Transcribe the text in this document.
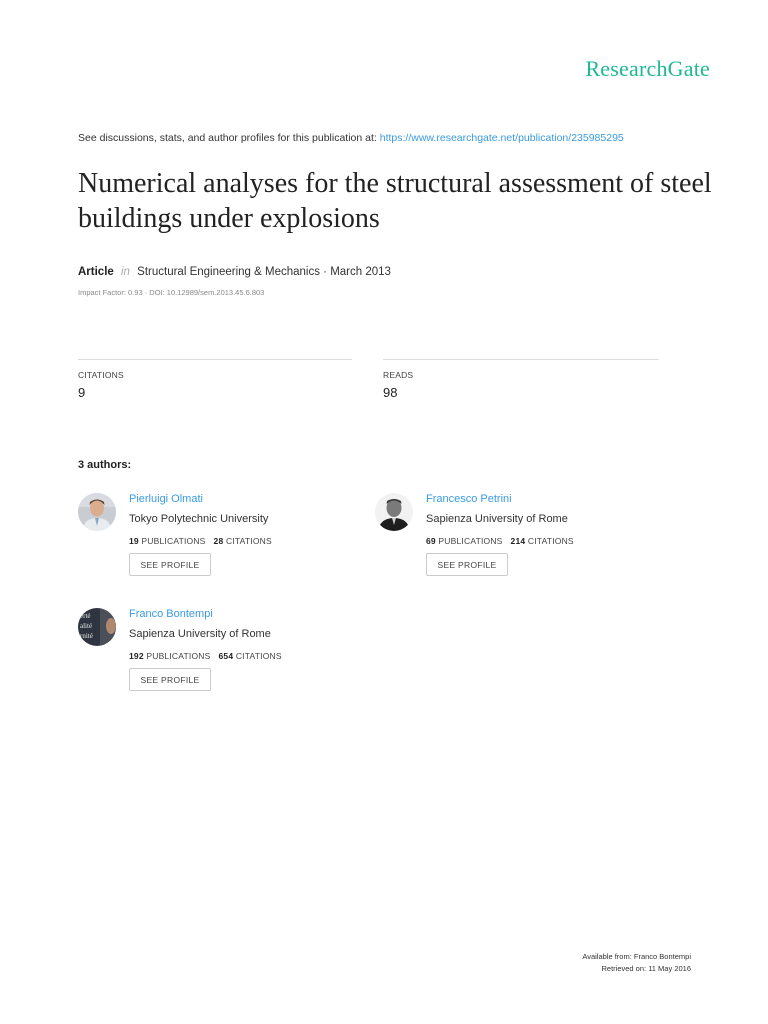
ResearchGate
See discussions, stats, and author profiles for this publication at: https://www.researchgate.net/publication/235985295
Numerical analyses for the structural assessment of steel buildings under explosions
Article in Structural Engineering & Mechanics · March 2013
Impact Factor: 0.93 · DOI: 10.12989/sem.2013.45.6.803
CITATIONS
9
READS
98
3 authors:
Pierluigi Olmati
Tokyo Polytechnic University
19 PUBLICATIONS 28 CITATIONS
SEE PROFILE
Francesco Petrini
Sapienza University of Rome
69 PUBLICATIONS 214 CITATIONS
SEE PROFILE
erté
alité
rnité
Franco Bontempi
Sapienza University of Rome
192 PUBLICATIONS 654 CITATIONS
SEE PROFILE
Available from: Franco Bontempi
Retrieved on: 11 May 2016
